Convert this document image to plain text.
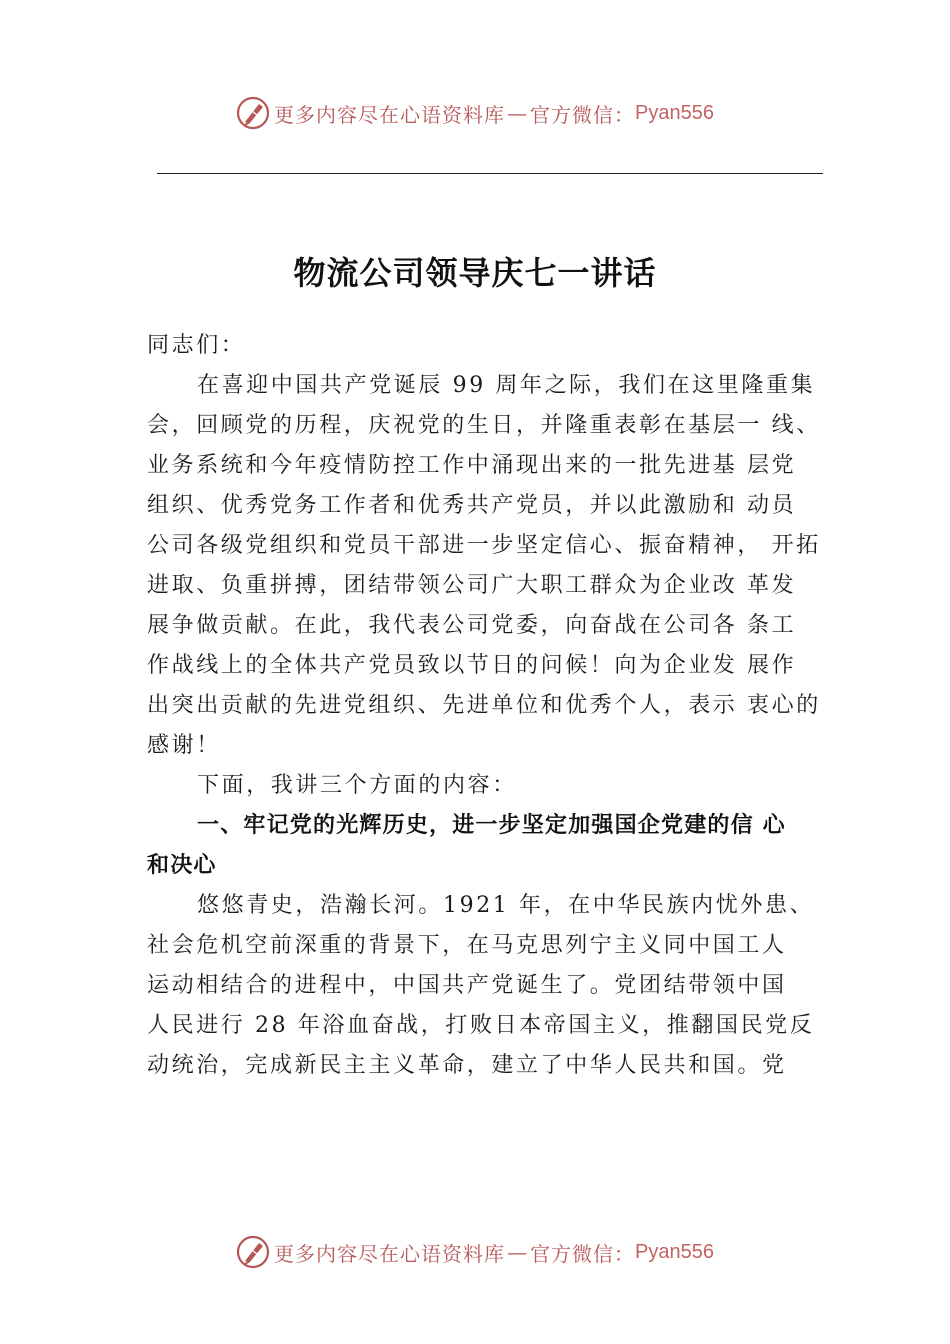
更多内容尽在心语资料库 — 官方微信： Pyan556
物流公司领导庆七一讲话
同志们：
在喜迎中国共产党诞辰 99 周年之际，我们在这里隆重集
会，回顾党的历程，庆祝党的生日，并隆重表彰在基层一 线、
业务系统和今年疫情防控工作中涌现出来的一批先进基 层党
组织、优秀党务工作者和优秀共产党员，并以此激励和 动员
公司各级党组织和党员干部进一步坚定信心、振奋精神， 开拓
进取、负重拼搏，团结带领公司广大职工群众为企业改 革发
展争做贡献。在此，我代表公司党委，向奋战在公司各 条工
作战线上的全体共产党员致以节日的问候！向为企业发 展作
出突出贡献的先进党组织、先进单位和优秀个人，表示 衷心的
感谢！
下面，我讲三个方面的内容：
一、牢记党的光辉历史，进一步坚定加强国企党建的信 心
和决心
悠悠青史，浩瀚长河。1921 年，在中华民族内忧外患、
社会危机空前深重的背景下，在马克思列宁主义同中国工人
运动相结合的进程中，中国共产党诞生了。党团结带领中国
人民进行 28 年浴血奋战，打败日本帝国主义，推翻国民党反
动统治，完成新民主主义革命，建立了中华人民共和国。党
更多内容尽在心语资料库 — 官方微信： Pyan556
